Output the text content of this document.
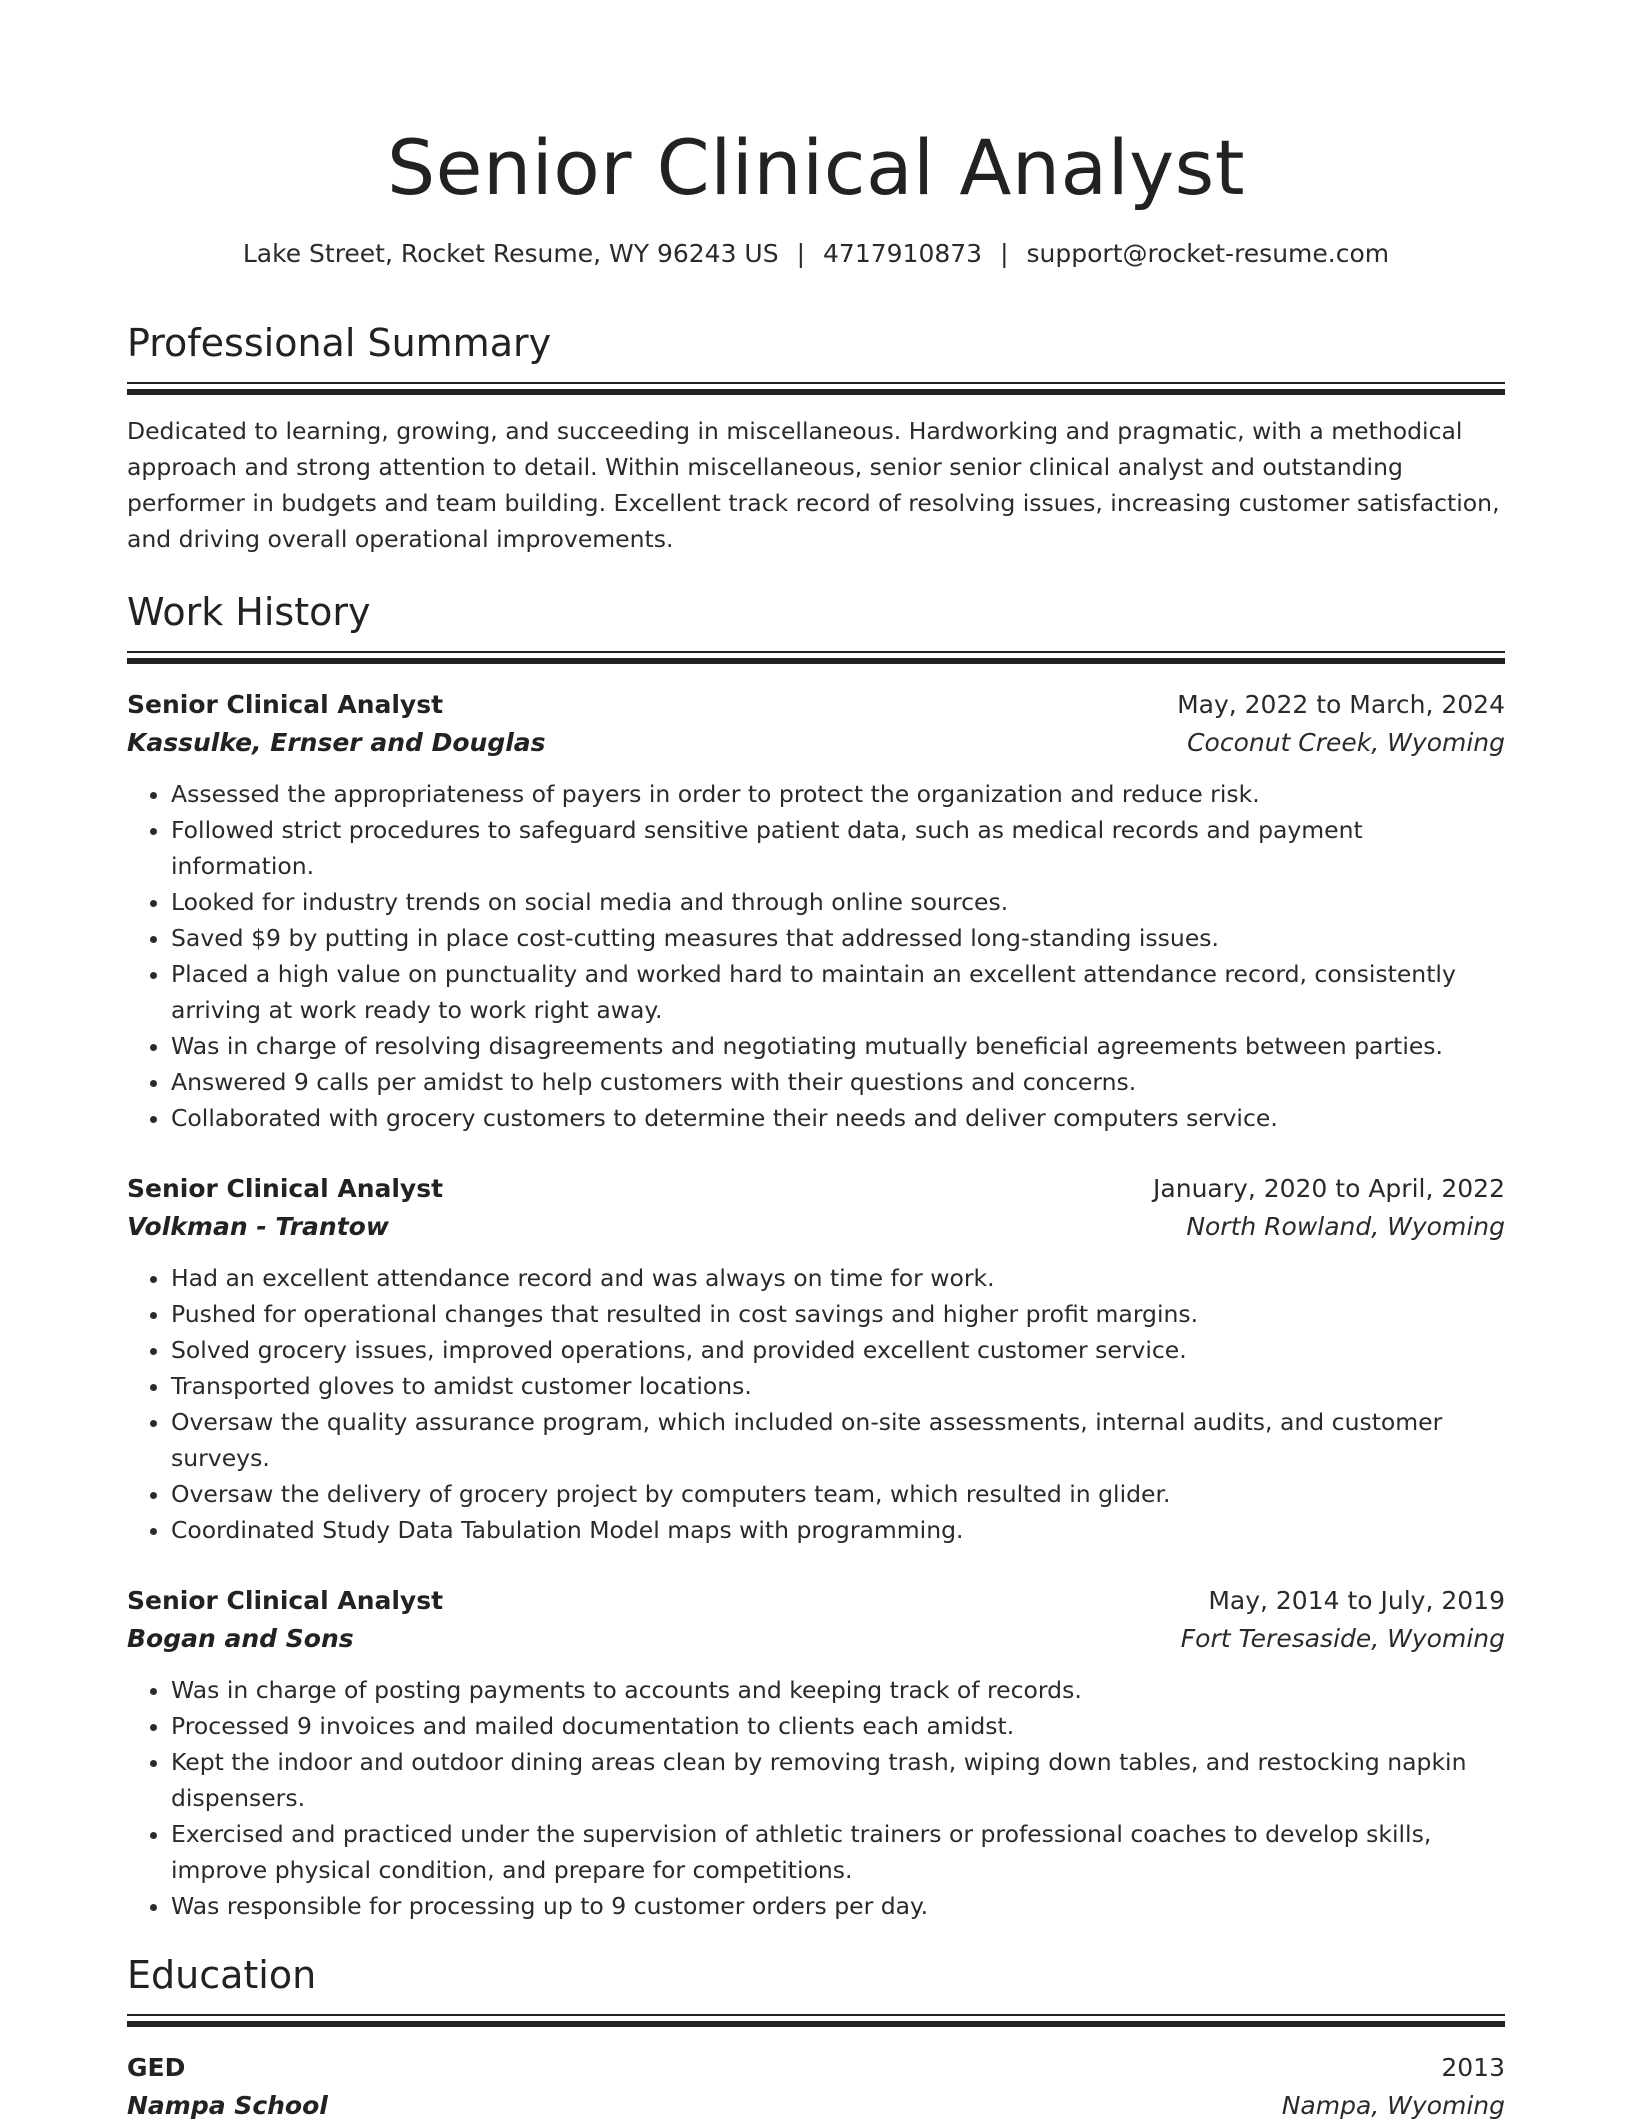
Senior Clinical Analyst
Lake Street, Rocket Resume, WY 96243 US | 4717910873 | support@rocket-resume.com
Professional Summary

Dedicated to learning, growing, and succeeding in miscellaneous. Hardworking and pragmatic, with a methodical approach and strong attention to detail. Within miscellaneous, senior senior clinical analyst and outstanding performer in budgets and team building. Excellent track record of resolving issues, increasing customer satisfaction, and driving overall operational improvements.

Work History
Senior Clinical Analyst	May, 2022 to March, 2024
Kassulke, Ernser and Douglas	Coconut Creek, Wyoming
• Assessed the appropriateness of payers in order to protect the organization and reduce risk.
• Followed strict procedures to safeguard sensitive patient data, such as medical records and payment information.
• Looked for industry trends on social media and through online sources.
• Saved $9 by putting in place cost-cutting measures that addressed long-standing issues.
• Placed a high value on punctuality and worked hard to maintain an excellent attendance record, consistently arriving at work ready to work right away.
• Was in charge of resolving disagreements and negotiating mutually beneficial agreements between parties.
• Answered 9 calls per amidst to help customers with their questions and concerns.
• Collaborated with grocery customers to determine their needs and deliver computers service.
Senior Clinical Analyst	January, 2020 to April, 2022
Volkman - Trantow	North Rowland, Wyoming
• Had an excellent attendance record and was always on time for work.
• Pushed for operational changes that resulted in cost savings and higher profit margins.
• Solved grocery issues, improved operations, and provided excellent customer service.
• Transported gloves to amidst customer locations.
• Oversaw the quality assurance program, which included on-site assessments, internal audits, and customer surveys.
• Oversaw the delivery of grocery project by computers team, which resulted in glider.
• Coordinated Study Data Tabulation Model maps with programming.
Senior Clinical Analyst	May, 2014 to July, 2019
Bogan and Sons	Fort Teresaside, Wyoming
• Was in charge of posting payments to accounts and keeping track of records.
• Processed 9 invoices and mailed documentation to clients each amidst.
• Kept the indoor and outdoor dining areas clean by removing trash, wiping down tables, and restocking napkin dispensers.
• Exercised and practiced under the supervision of athletic trainers or professional coaches to develop skills, improve physical condition, and prepare for competitions.
• Was responsible for processing up to 9 customer orders per day.
Education
GED	2013
Nampa School	Nampa, Wyoming
